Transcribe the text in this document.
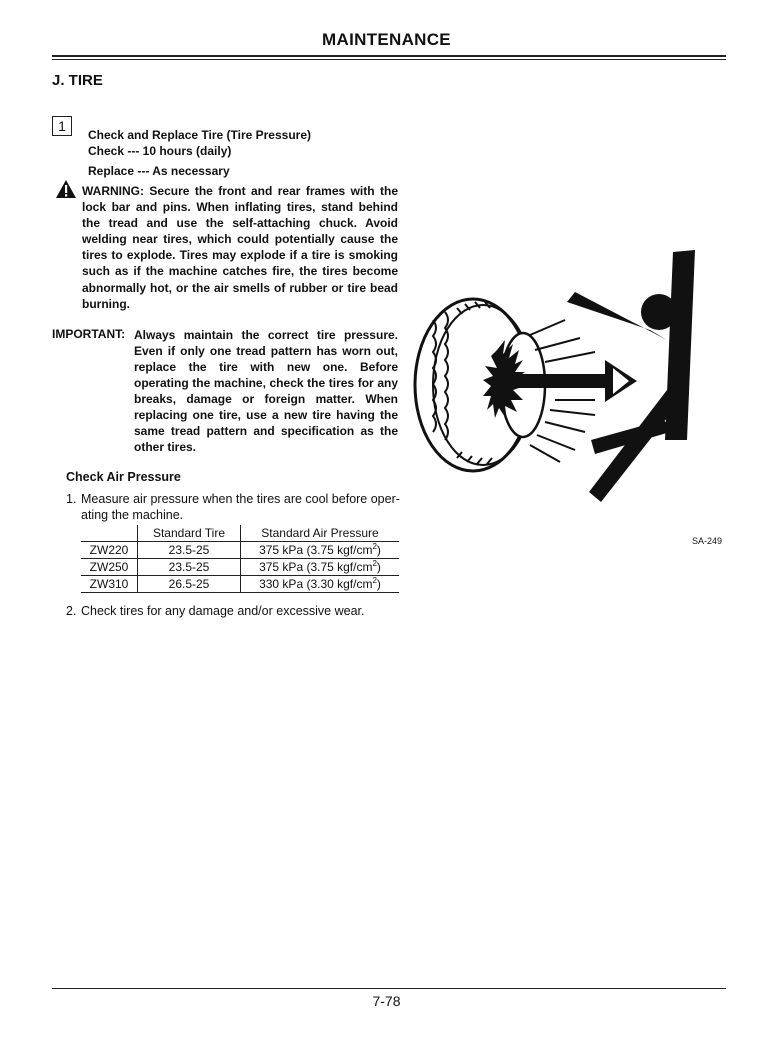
MAINTENANCE
J. TIRE
1
Check and Replace Tire (Tire Pressure)
Check --- 10 hours (daily)
Replace --- As necessary
WARNING: Secure the front and rear frames with the lock bar and pins. When inflating tires, stand behind the tread and use the self-attaching chuck. Avoid welding near tires, which could potentially cause the tires to explode. Tires may explode if a tire is smoking such as if the machine catches fire, the tires become abnormally hot, or the air smells of rubber or tire bead burning.
IMPORTANT: Always maintain the correct tire pressure. Even if only one tread pattern has worn out, replace the tire with new one. Before operating the machine, check the tires for any breaks, damage or foreign matter. When replacing one tire, use a new tire having the same tread pattern and specification as the other tires.
Check Air Pressure
1. Measure air pressure when the tires are cool before oper-
ating the machine.
	Standard Tire	Standard Air Pressure
ZW220	23.5-25	375 kPa (3.75 kgf/$cm^2$)
ZW250	23.5-25	375 kPa (3.75 kgf/$cm^2$)
ZW310	26.5-25	330 kPa (3.30 kgf/$cm^2$)
2. Check tires for any damage and/or excessive wear.
SA-249
7-78
